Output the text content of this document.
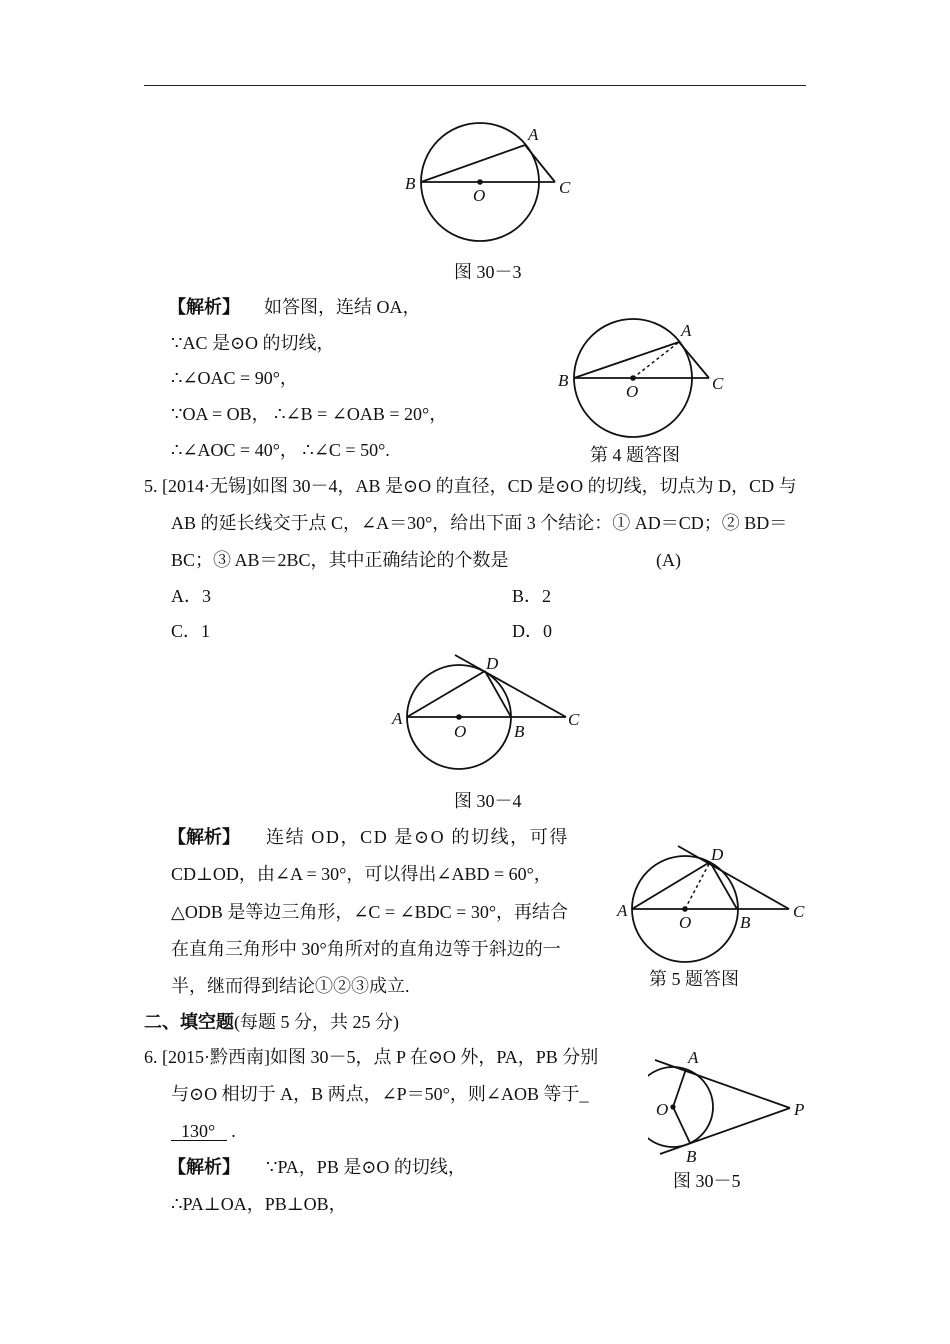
A
B
O	C
图 30－3
【解析】 如答图，连结 OA，
∵AC 是⊙O 的切线，
∴∠OAC = 90°，
∵OA = OB， ∴∠B = ∠OAB = 20°，
∴∠AOC = 40°， ∴∠C = 50°.
A
B
O	C
第 4 题答图
5. [2014·无锡]如图 30－4，AB 是⊙O 的直径，CD 是⊙O 的切线，切点为 D，CD 与
AB 的延长线交于点 C，∠A＝30°，给出下面 3 个结论：① AD＝CD；② BD＝
BC；③ AB＝2BC，其中正确结论的个数是	(A)
A．3	B．2
C．1	D．0
D
A
O	B
C
图 30－4
【解析】 连结 OD，CD 是⊙O 的切线，可得
CD⊥OD，由∠A = 30°，可以得出∠ABD = 60°，
△ODB 是等边三角形，∠C = ∠BDC = 30°，再结合
在直角三角形中 30°角所对的直角边等于斜边的一
半，继而得到结论①②③成立.
D
A
O	B
C
第 5 题答图
二、填空题(每题 5 分，共 25 分)
6. [2015·黔西南]如图 30－5，点 P 在⊙O 外，PA，PB 分别
与⊙O 相切于 A，B 两点，∠P＝50°，则∠AOB 等于_
130° .
A
O	P
B
图 30－5
【解析】 ∵PA，PB 是⊙O 的切线，
∴PA⊥OA，PB⊥OB，
